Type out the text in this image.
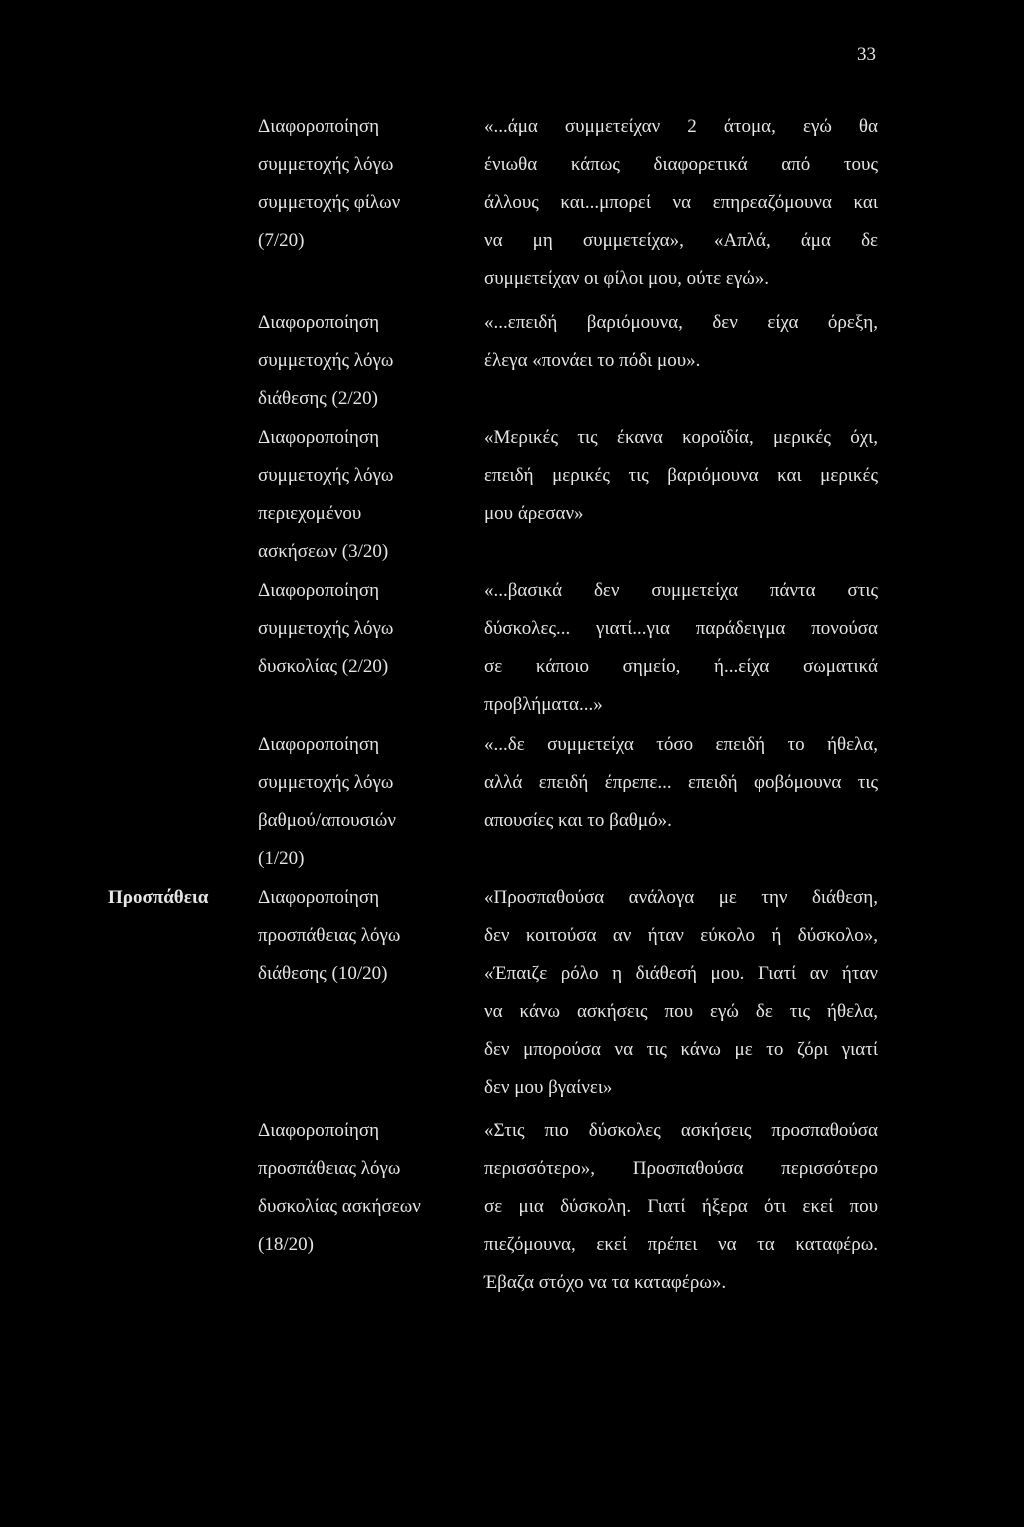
33
Προσπάθεια
Διαφοροποίηση
συμμετοχής λόγω
συμμετοχής φίλων
(7/20)
«...άμα συμμετείχαν 2 άτομα, εγώ θα
ένιωθα κάπως διαφορετικά από τους
άλλους και...μπορεί να επηρεαζόμουνα και
να μη συμμετείχα», «Απλά, άμα δε
συμμετείχαν οι φίλοι μου, ούτε εγώ».
Διαφοροποίηση
συμμετοχής λόγω
διάθεσης (2/20)
«...επειδή βαριόμουνα, δεν είχα όρεξη,
έλεγα «πονάει το πόδι μου».
Διαφοροποίηση
συμμετοχής λόγω
περιεχομένου
ασκήσεων (3/20)
«Μερικές τις έκανα κοροϊδία, μερικές όχι,
επειδή μερικές τις βαριόμουνα και μερικές
μου άρεσαν»
Διαφοροποίηση
συμμετοχής λόγω
δυσκολίας (2/20)
«...βασικά δεν συμμετείχα πάντα στις
δύσκολες... γιατί...για παράδειγμα πονούσα
σε κάποιο σημείο, ή...είχα σωματικά
προβλήματα...»
Διαφοροποίηση
συμμετοχής λόγω
βαθμού/απουσιών
(1/20)
«...δε συμμετείχα τόσο επειδή το ήθελα,
αλλά επειδή έπρεπε... επειδή φοβόμουνα τις
απουσίες και το βαθμό».
Διαφοροποίηση
προσπάθειας λόγω
διάθεσης (10/20)
«Προσπαθούσα ανάλογα με την διάθεση,
δεν κοιτούσα αν ήταν εύκολο ή δύσκολο»,
«Έπαιζε ρόλο η διάθεσή μου. Γιατί αν ήταν
να κάνω ασκήσεις που εγώ δε τις ήθελα,
δεν μπορούσα να τις κάνω με το ζόρι γιατί
δεν μου βγαίνει»
Διαφοροποίηση
προσπάθειας λόγω
δυσκολίας ασκήσεων
(18/20)
«Στις πιο δύσκολες ασκήσεις προσπαθούσα
περισσότερο», Προσπαθούσα περισσότερο
σε μια δύσκολη. Γιατί ήξερα ότι εκεί που
πιεζόμουνα, εκεί πρέπει να τα καταφέρω.
Έβαζα στόχο να τα καταφέρω».
